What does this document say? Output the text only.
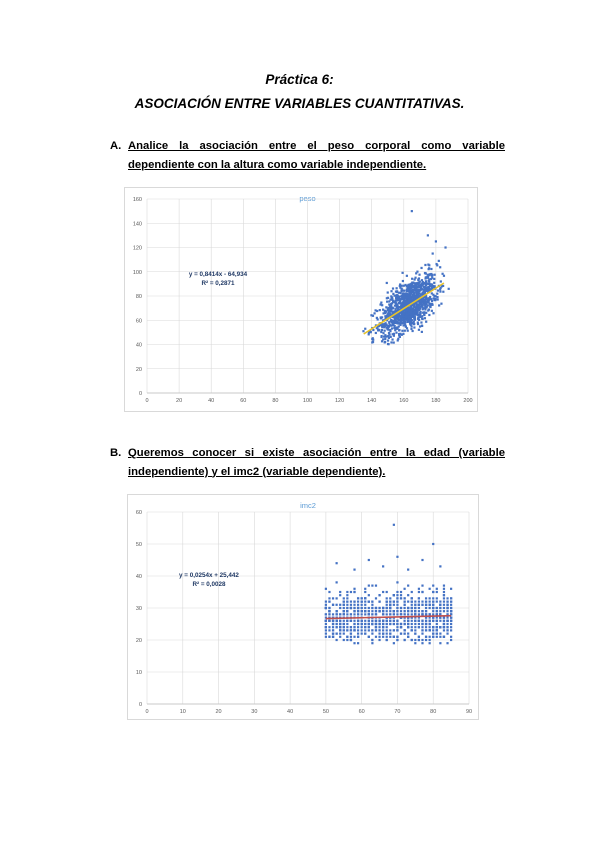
Práctica 6:
ASOCIACIÓN ENTRE VARIABLES CUANTITATIVAS.
A. Analice la asociación entre el peso corporal como variable dependiente con la altura como variable independiente.
peso
0
20
40
60
80
100
120
140
160
0	20	40	60	80	100	120	140	160	180	200
y = 0,8414x - 64,934
R² = 0,2871
B. Queremos conocer si existe asociación entre la edad (variable independiente) y el imc2 (variable dependiente).
imc2
0
10
20
30
40
50
60
0	10	20	30	40	50	60	70	80	90
y = 0,0254x + 25,442
R² = 0,0028
